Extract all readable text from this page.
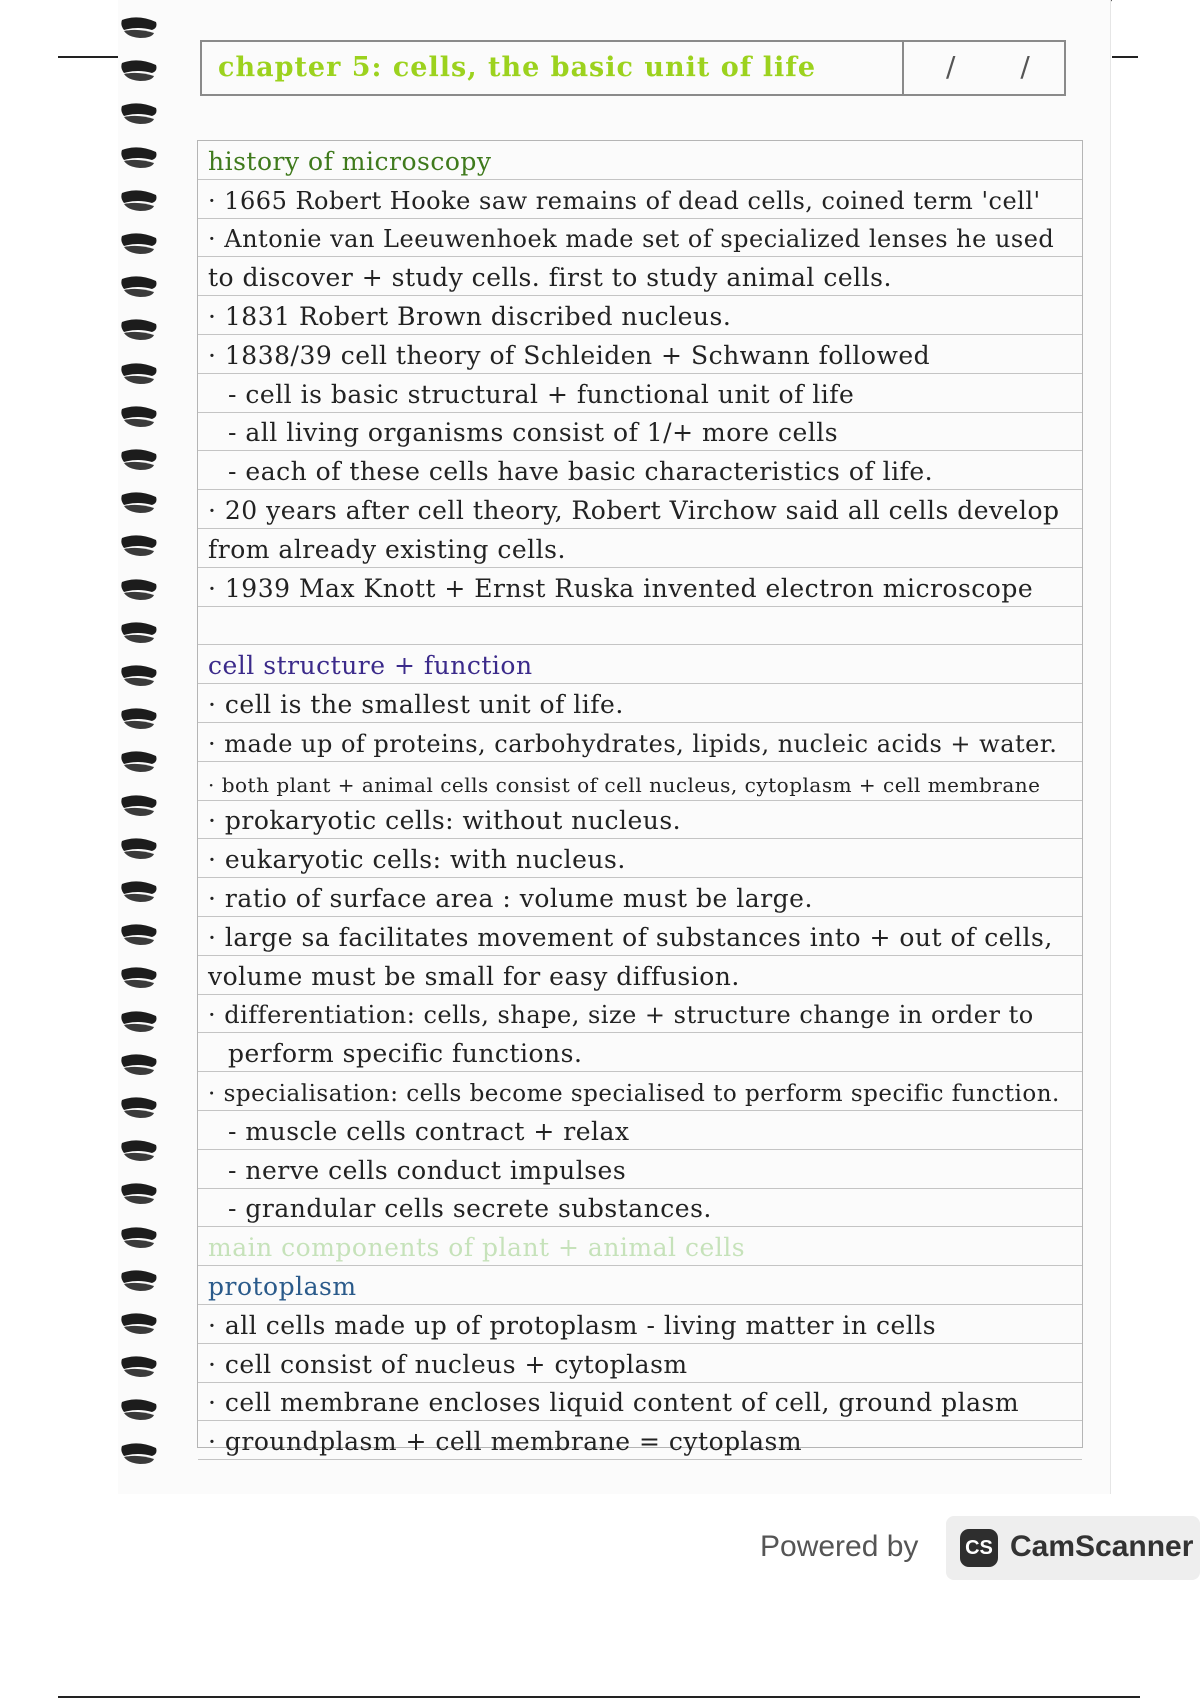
chapter 5: cells, the basic unit of life	/ /
history of microscopy
· 1665 Robert Hooke saw remains of dead cells, coined term 'cell'
· Antonie van Leeuwenhoek made set of specialized lenses he used
to discover + study cells. first to study animal cells.
· 1831 Robert Brown discribed nucleus.
· 1838/39 cell theory of Schleiden + Schwann followed
- cell is basic structural + functional unit of life
- all living organisms consist of 1/+ more cells
- each of these cells have basic characteristics of life.
· 20 years after cell theory, Robert Virchow said all cells develop
from already existing cells.
· 1939 Max Knott + Ernst Ruska invented electron microscope
cell structure + function
· cell is the smallest unit of life.
· made up of proteins, carbohydrates, lipids, nucleic acids + water.
· both plant + animal cells consist of cell nucleus, cytoplasm + cell membrane
· prokaryotic cells: without nucleus.
· eukaryotic cells: with nucleus.
· ratio of surface area : volume must be large.
· large sa facilitates movement of substances into + out of cells,
volume must be small for easy diffusion.
· differentiation: cells, shape, size + structure change in order to
perform specific functions.
· specialisation: cells become specialised to perform specific function.
- muscle cells contract + relax
- nerve cells conduct impulses
- grandular cells secrete substances.
main components of plant + animal cells
protoplasm
· all cells made up of protoplasm - living matter in cells
· cell consist of nucleus + cytoplasm
· cell membrane encloses liquid content of cell, ground plasm
· groundplasm + cell membrane = cytoplasm
Powered by CS CamScanner
